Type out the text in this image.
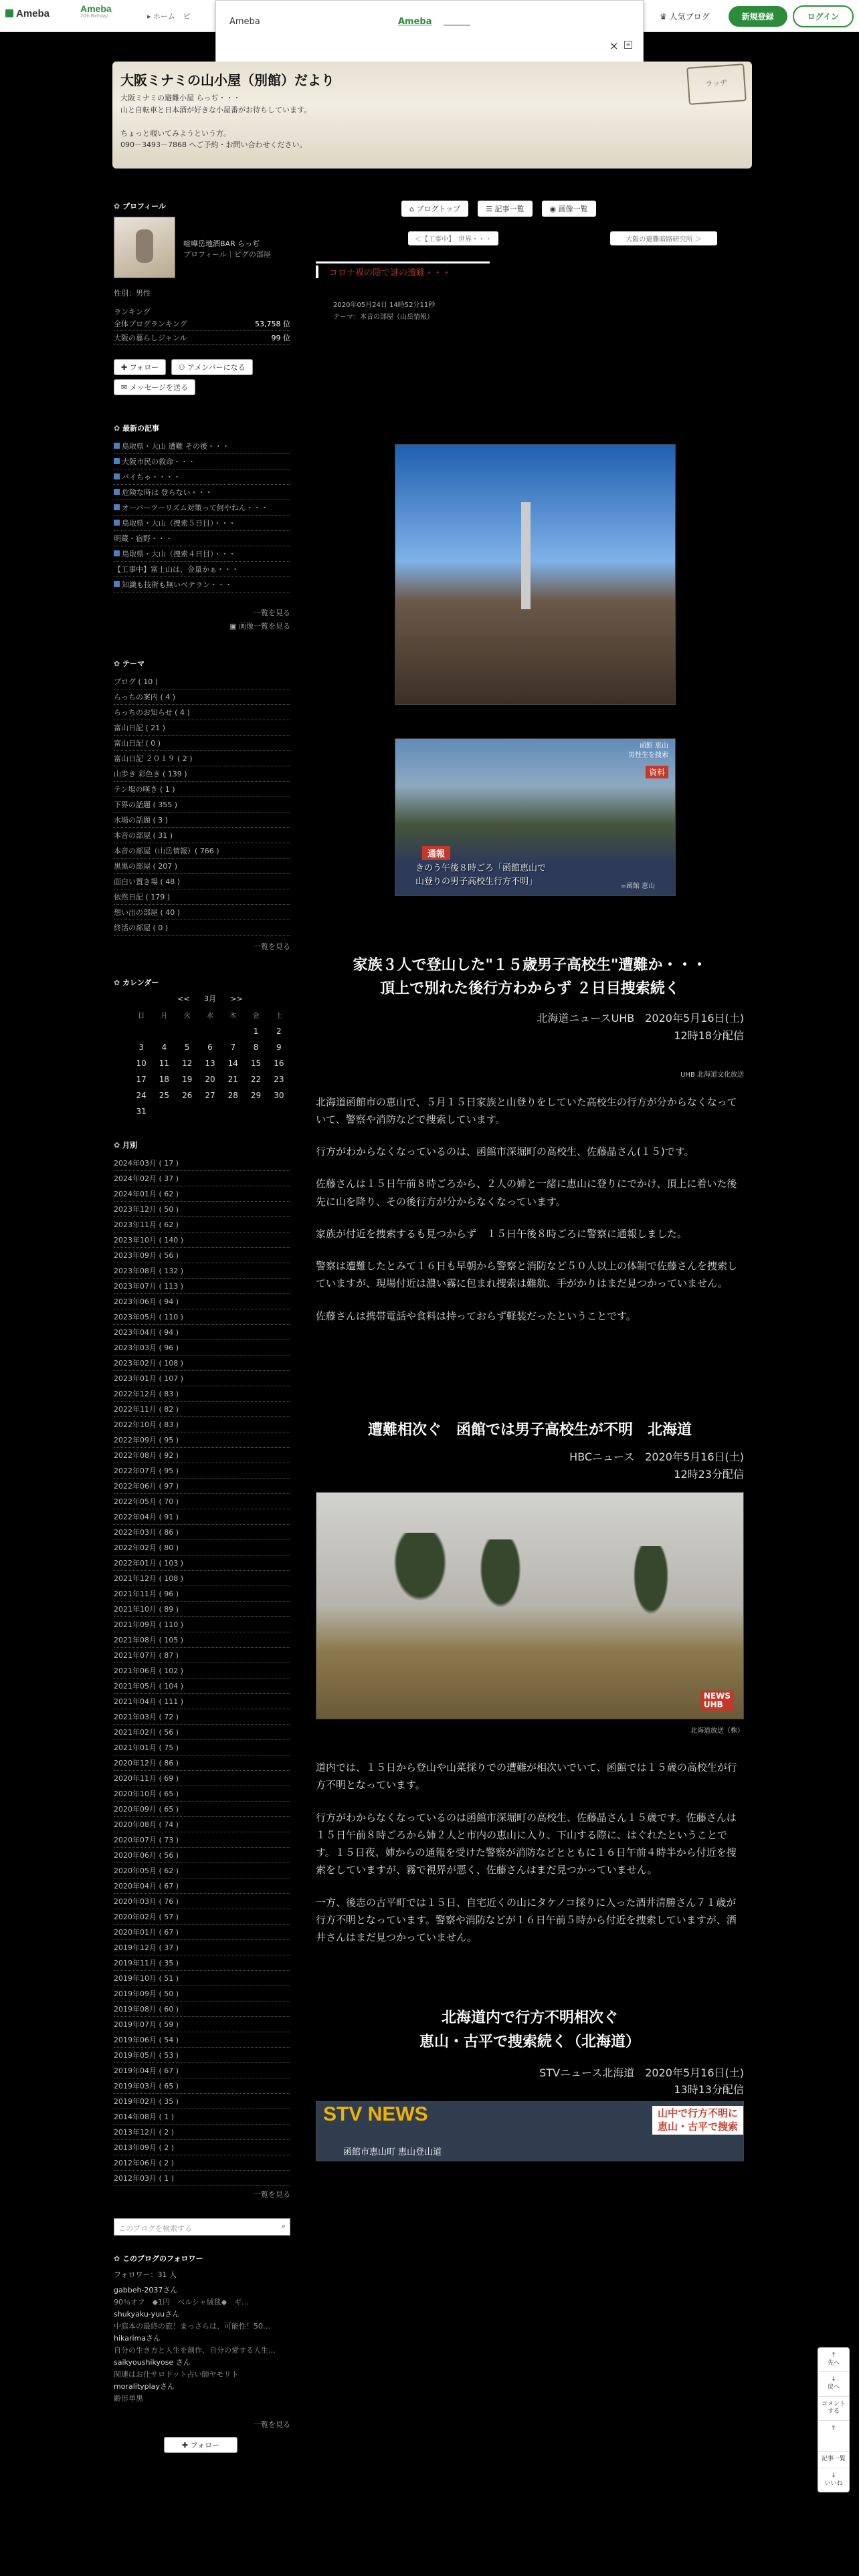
Ameba	Ameba
20th Birthday	▸ ホーム ピ	♛ 人気ブログ	新規登録	ログイン
Ameba	Ameba
×	≡
大阪ミナミの山小屋（別館）だより
大阪ミナミの避難小屋 らっぢ・・・
山と自転車と日本酒が好きな小屋番がお待ちしています。

ちょっと覗いてみようという方。
090－3493－7868 へご予約・お問い合わせください。
ラッヂ
✿ プロフィール
喧嘩岳地酒BAR らっぢ
プロフィール｜ピグの部屋
性別：男性
ランキング
全体ブログランキング	53,758 位
大阪の暮らしジャンル	99 位
✚ フォロー	⚇ アメンバーになる ✉ メッセージを送る
✿ 最新の記事
鳥取県・大山 遭難 その後・・・
大阪市民の救命・・・
バイちゃ・・・・
危険な時は 登らない・・・
オーバーツーリズム対策って何やねん・・・
鳥取県・大山（捜索５日目）・・・
明蔵・宿野・・・
鳥取県・大山（捜索４日目）・・・
【工事中】富士山は、金量かぁ・・・
知識も技術も無いベテラン・・・
一覧を見る
▣ 画像一覧を見る
✿ テーマ
ブログ ( 10 )
らっちの案内 ( 4 )
らっちのお知らせ ( 4 )
富山日記 ( 21 )
富山日記 ( 0 )
富山日記 ２０１９ ( 2 )
山歩き 彩色き ( 139 )
テン場の嘆き ( 1 )
下界の話題 ( 355 )
水場の話題 ( 3 )
本音の部屋 ( 31 )
本音の部屋（山岳情報）( 766 )
黒黒の部屋 ( 207 )
面白い置き場 ( 48 )
依然日記 ( 179 )
想い出の部屋 ( 40 )
終活の部屋 ( 0 )
一覧を見る
✿ カレンダー
<< 3月 >>
日	月	火	水	木	金	土
					1	2
3	4	5	6	7	8	9
10	11	12	13	14	15	16
17	18	19	20	21	22	23
24	25	26	27	28	29	30
31						
✿ 月別
2024年03月 ( 17 )
2024年02月 ( 37 )
2024年01月 ( 62 )
2023年12月 ( 50 )
2023年11月 ( 62 )
2023年10月 ( 140 )
2023年09月 ( 56 )
2023年08月 ( 132 )
2023年07月 ( 113 )
2023年06月 ( 94 )
2023年05月 ( 110 )
2023年04月 ( 94 )
2023年03月 ( 96 )
2023年02月 ( 108 )
2023年01月 ( 107 )
2022年12月 ( 83 )
2022年11月 ( 82 )
2022年10月 ( 83 )
2022年09月 ( 95 )
2022年08月 ( 92 )
2022年07月 ( 95 )
2022年06月 ( 97 )
2022年05月 ( 70 )
2022年04月 ( 91 )
2022年03月 ( 86 )
2022年02月 ( 80 )
2022年01月 ( 103 )
2021年12月 ( 108 )
2021年11月 ( 96 )
2021年10月 ( 89 )
2021年09月 ( 110 )
2021年08月 ( 105 )
2021年07月 ( 87 )
2021年06月 ( 102 )
2021年05月 ( 104 )
2021年04月 ( 111 )
2021年03月 ( 72 )
2021年02月 ( 56 )
2021年01月 ( 75 )
2020年12月 ( 86 )
2020年11月 ( 69 )
2020年10月 ( 65 )
2020年09月 ( 65 )
2020年08月 ( 74 )
2020年07月 ( 73 )
2020年06月 ( 56 )
2020年05月 ( 62 )
2020年04月 ( 67 )
2020年03月 ( 76 )
2020年02月 ( 57 )
2020年01月 ( 67 )
2019年12月 ( 37 )
2019年11月 ( 35 )
2019年10月 ( 51 )
2019年09月 ( 50 )
2019年08月 ( 60 )
2019年07月 ( 59 )
2019年06月 ( 54 )
2019年05月 ( 53 )
2019年04月 ( 67 )
2019年03月 ( 65 )
2019年02月 ( 35 )
2014年08月 ( 1 )
2013年12月 ( 2 )
2013年09月 ( 2 )
2012年06月 ( 2 )
2012年03月 ( 1 )
一覧を見る
このブログを検索する	⌕
✿ このブログのフォロワー
フォロワー：31 人
gabbeh-2037さん
90％オフ　◆1円　ベルシャ絨毯◆　ギ…
shukyaku-yuuさん
中庭本の最終の旅！まっさらは、可能性！50…
hikarimaさん
自分の生き方と人生を創作、自分の愛する人生…
saikyoushikyose さん
関連はお仕サロドット占い師ヤモリト
moralityplayさん
齢形単黒
一覧を見る
✚ フォロー
⌂ ブログトップ	☰ 記事一覧	◉ 画像一覧
＜【工事中】　世界・・・	大阪の避難暗路研究所 ＞
コロナ禍の陰で謎の遭難・・・
2020年05月24日 14時52分11秒
テーマ：本音の部屋（山岳情報）
函館 恵山
男性生を捜索
資料
通報
きのう午後８時ごろ「函館恵山で
山登りの男子高校生行方不明」	=函館 恵山
家族３人で登山した"１５歳男子高校生"遭難か・・・
頂上で別れた後行方わからず ２日目捜索続く
北海道ニュースUHB　2020年5月16日(土)
12時18分配信
UHB 北海道文化放送

北海道函館市の恵山で、５月１５日家族と山登りをしていた高校生の行方が分からなくなっていて、警察や消防などで捜索しています。

行方がわからなくなっているのは、函館市深堀町の高校生、佐藤晶さん(１５)です。

佐藤さんは１５日午前８時ごろから、２人の姉と一緒に恵山に登りにでかけ、頂上に着いた後先に山を降り、その後行方が分からなくなっています。

家族が付近を捜索するも見つからず　１５日午後８時ごろに警察に通報しました。

警察は遭難したとみて１６日も早朝から警察と消防など５０人以上の体制で佐藤さんを捜索していますが、現場付近は濃い霧に包まれ捜索は難航、手がかりはまだ見つかっていません。

佐藤さんは携帯電話や食料は持っておらず軽装だったということです。

遭難相次ぐ　函館では男子高校生が不明　北海道
HBCニュース　2020年5月16日(土)
12時23分配信
NEWS
UHB
北海道放送（株）

道内では、１５日から登山や山菜採りでの遭難が相次いでいて、函館では１５歳の高校生が行方不明となっています。

行方がわからなくなっているのは函館市深堀町の高校生、佐藤晶さん１５歳です。佐藤さんは１５日午前８時ごろから姉２人と市内の恵山に入り、下山する際に、はぐれたということです。１５日夜、姉からの通報を受けた警察が消防などとともに１６日午前４時半から付近を捜索をしていますが、霧で視界が悪く、佐藤さんはまだ見つかっていません。

一方、後志の古平町では１５日、自宅近くの山にタケノコ採りに入った酒井清勝さん７１歳が行方不明となっています。警察や消防などが１６日午前５時から付近を捜索していますが、酒井さんはまだ見つかっていません。

北海道内で行方不明相次ぐ
恵山・古平で捜索続く（北海道）
STVニュース北海道　2020年5月16日(土)
13時13分配信
STV NEWS	山中で行方不明に
恵山・古平で捜索
函館市恵山町 恵山登山道
↑
先へ
↓
戻へ
コメント
する
⇪
記事一覧
↓
いいね
